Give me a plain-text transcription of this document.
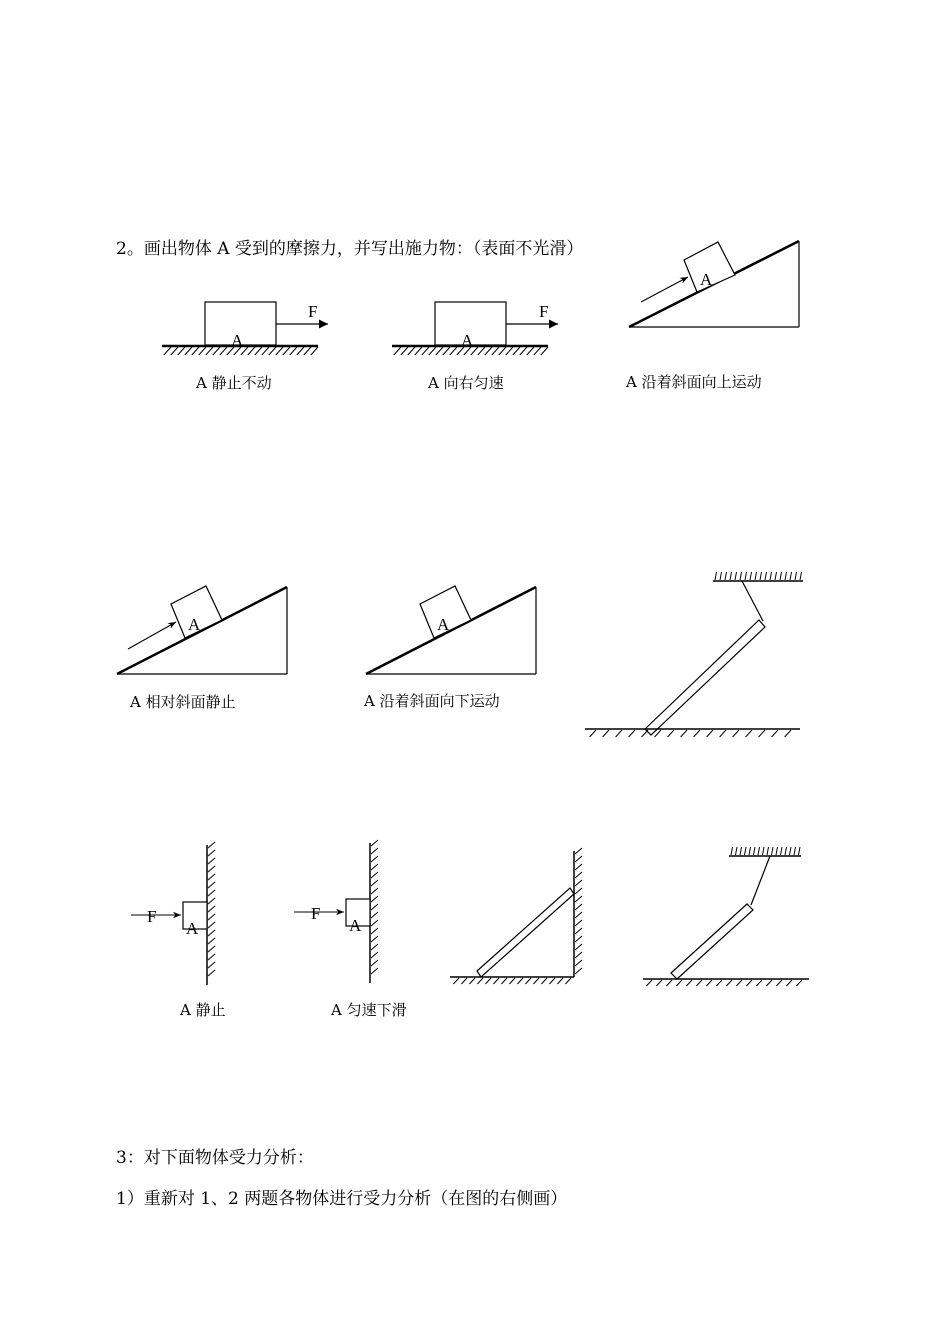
2。画出物体 A 受到的摩擦力，并写出施力物：（表面不光滑）
A 静止不动	A 向右匀速	A 沿着斜面向上运动
A 相对斜面静止	A 沿着斜面向下运动
A 静止	A 匀速下滑
3：对下面物体受力分析：
1）重新对 1、2 两题各物体进行受力分析（在图的右侧画）
F
A
F
A
A
A	A
F
A
F
A
